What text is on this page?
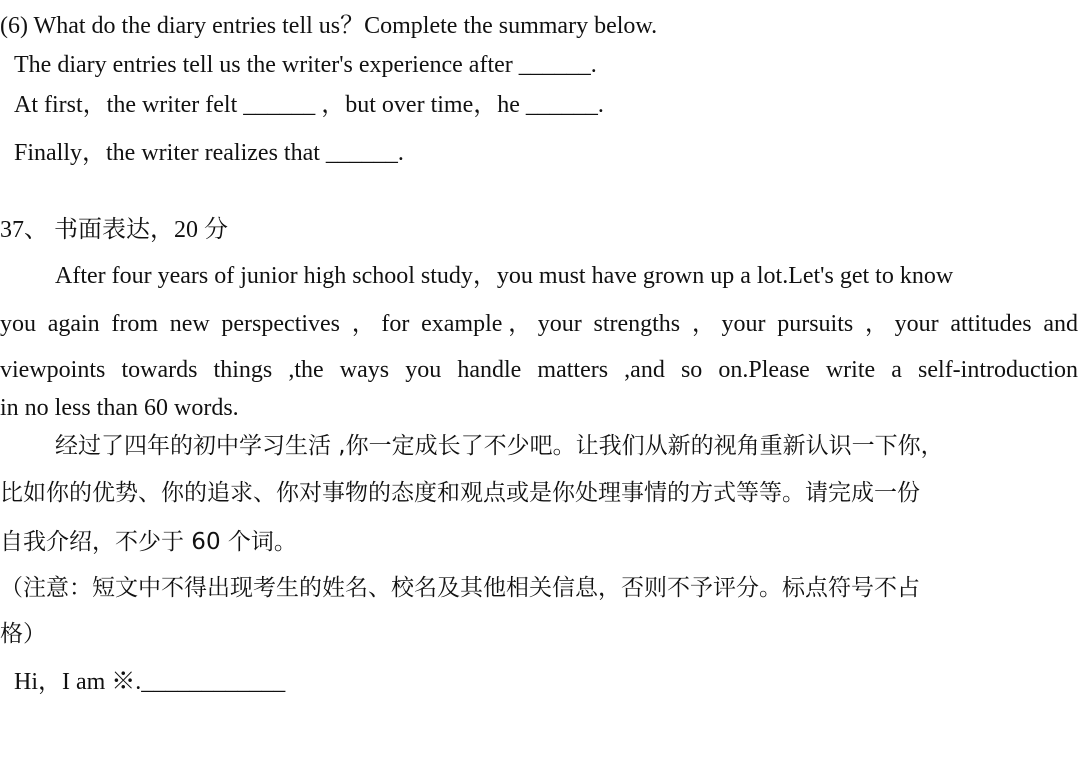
(6) What do the diary entries tell us？Complete the summary below.
The diary entries tell us the writer's experience after ______.
At first，the writer felt ______ ，but over time，he ______.
Finally，the writer realizes that ______.
37、 书面表达，20 分
After four years of junior high school study，you must have grown up a lot.Let's get to know
you again from new perspectives ，for example，your strengths ，your pursuits ，your attitudes and
viewpoints towards things ,the ways you handle matters ,and so on.Please write a self-introduction
in no less than 60 words.
经过了四年的初中学习生活 ,你一定成长了不少吧。让我们从新的视角重新认识一下你，
比如你的优势、你的追求、你对事物的态度和观点或是你处理事情的方式等等。请完成一份
自我介绍，不少于 60 个词。
（注意：短文中不得出现考生的姓名、校名及其他相关信息，否则不予评分。标点符号不占
格）
Hi，I am ※.____________
